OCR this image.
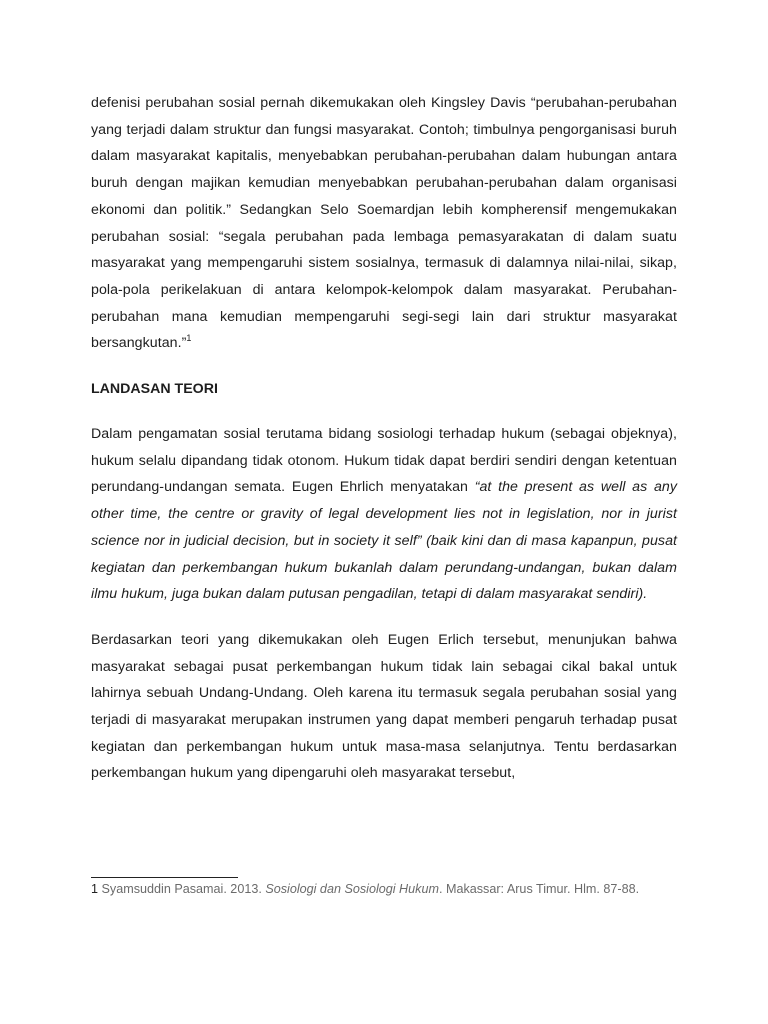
defenisi perubahan sosial pernah dikemukakan oleh Kingsley Davis “perubahan-perubahan yang terjadi dalam struktur dan fungsi masyarakat. Contoh; timbulnya pengorganisasi buruh dalam masyarakat kapitalis, menyebabkan perubahan-perubahan dalam hubungan antara buruh dengan majikan kemudian menyebabkan perubahan-perubahan dalam organisasi ekonomi dan politik.” Sedangkan Selo Soemardjan lebih kompherensif mengemukakan perubahan sosial: “segala perubahan pada lembaga pemasyarakatan di dalam suatu masyarakat yang mempengaruhi sistem sosialnya, termasuk di dalamnya nilai-nilai, sikap, pola-pola perikelakuan di antara kelompok-kelompok dalam masyarakat. Perubahan-perubahan mana kemudian mempengaruhi segi-segi lain dari struktur masyarakat bersangkutan.”$^1$

LANDASAN TEORI

Dalam pengamatan sosial terutama bidang sosiologi terhadap hukum (sebagai objeknya), hukum selalu dipandang tidak otonom. Hukum tidak dapat berdiri sendiri dengan ketentuan perundang-undangan semata. Eugen Ehrlich menyatakan “at the present as well as any other time, the centre or gravity of legal development lies not in legislation, nor in jurist science nor in judicial decision, but in society it self” (baik kini dan di masa kapanpun, pusat kegiatan dan perkembangan hukum bukanlah dalam perundang-undangan, bukan dalam ilmu hukum, juga bukan dalam putusan pengadilan, tetapi di dalam masyarakat sendiri).

Berdasarkan teori yang dikemukakan oleh Eugen Erlich tersebut, menunjukan bahwa masyarakat sebagai pusat perkembangan hukum tidak lain sebagai cikal bakal untuk lahirnya sebuah Undang-Undang. Oleh karena itu termasuk segala perubahan sosial yang terjadi di masyarakat merupakan instrumen yang dapat memberi pengaruh terhadap pusat kegiatan dan perkembangan hukum untuk masa-masa selanjutnya. Tentu berdasarkan perkembangan hukum yang dipengaruhi oleh masyarakat tersebut,

1 Syamsuddin Pasamai. 2013. Sosiologi dan Sosiologi Hukum. Makassar: Arus Timur. Hlm. 87-88.
